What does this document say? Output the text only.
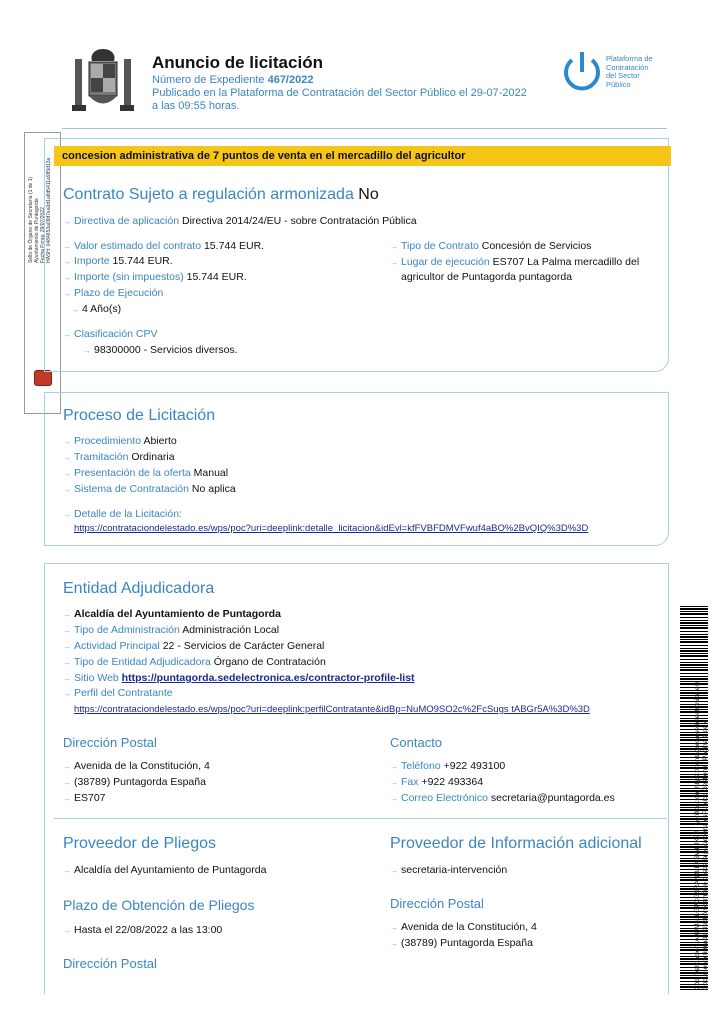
Anuncio de licitación
Número de Expediente 467/2022
Publicado en la Plataforma de Contratación del Sector Público el 29-07-2022
a las 09:55 horas.
Plataforma de
Contratación
del Sector
Público
Sello de Órgano de Secretaría (1 de 1) Ayuntamiento de Puntagorda Fecha Firma: 29/07/2022 HASH: 0484653a09d7ea0d1a8d5411a985d13a
concesion administrativa de 7 puntos de venta en el mercadillo del agricultor
Contrato Sujeto a regulación armonizada No
→ Directiva de aplicación Directiva 2014/24/EU - sobre Contratación Pública
→ Valor estimado del contrato 15.744 EUR.
→ Importe 15.744 EUR.
→ Importe (sin impuestos) 15.744 EUR.
→ Plazo de Ejecución
→ 4 Año(s)
→ Clasificación CPV
→ 98300000 - Servicios diversos.
→ Tipo de Contrato Concesión de Servicios
→ Lugar de ejecución ES707 La Palma mercadillo del
agricultor de Puntagorda puntagorda
Proceso de Licitación
→ Procedimiento Abierto
→ Tramitación Ordinaria
→ Presentación de la oferta Manual
→ Sistema de Contratación No aplica
→ Detalle de la Licitación:
https://contrataciondelestado.es/wps/poc?uri=deeplink:detalle_licitacion&idEvl=kfFVBFDMVFwuf4aBO%2BvQIQ%3D%3D
Entidad Adjudicadora
→ Alcaldía del Ayuntamiento de Puntagorda
→ Tipo de Administración Administración Local
→ Actividad Principal 22 - Servicios de Carácter General
→ Tipo de Entidad Adjudicadora Órgano de Contratación
→ Sitio Web https://puntagorda.sedelectronica.es/contractor-profile-list
→ Perfil del Contratante
https://contrataciondelestado.es/wps/poc?uri=deeplink:perfilContratante&idBp=NuMO9SO2c%2FcSugs tABGr5A%3D%3D
Dirección Postal
→ Avenida de la Constitución, 4
→ (38789) Puntagorda España
→ ES707
Contacto
→ Teléfono +922 493100
→ Fax +922 493364
→ Correo Electrónico secretaria@puntagorda.es
Proveedor de Pliegos
→ Alcaldía del Ayuntamiento de Puntagorda
Plazo de Obtención de Pliegos
→ Hasta el 22/08/2022 a las 13:00
Dirección Postal
Proveedor de Información adicional
→ secretaria-intervención
Dirección Postal
→ Avenida de la Constitución, 4
→ (38789) Puntagorda España	Cód. Validación: A9UM4LLGPCGSRAN4LEXSWLJK3P | Verificación: https://puntagorda.sedelectronica.es/ Documento firmado electrónicamente desde la plataforma esPublico Gestiona | Página 1 de 4
